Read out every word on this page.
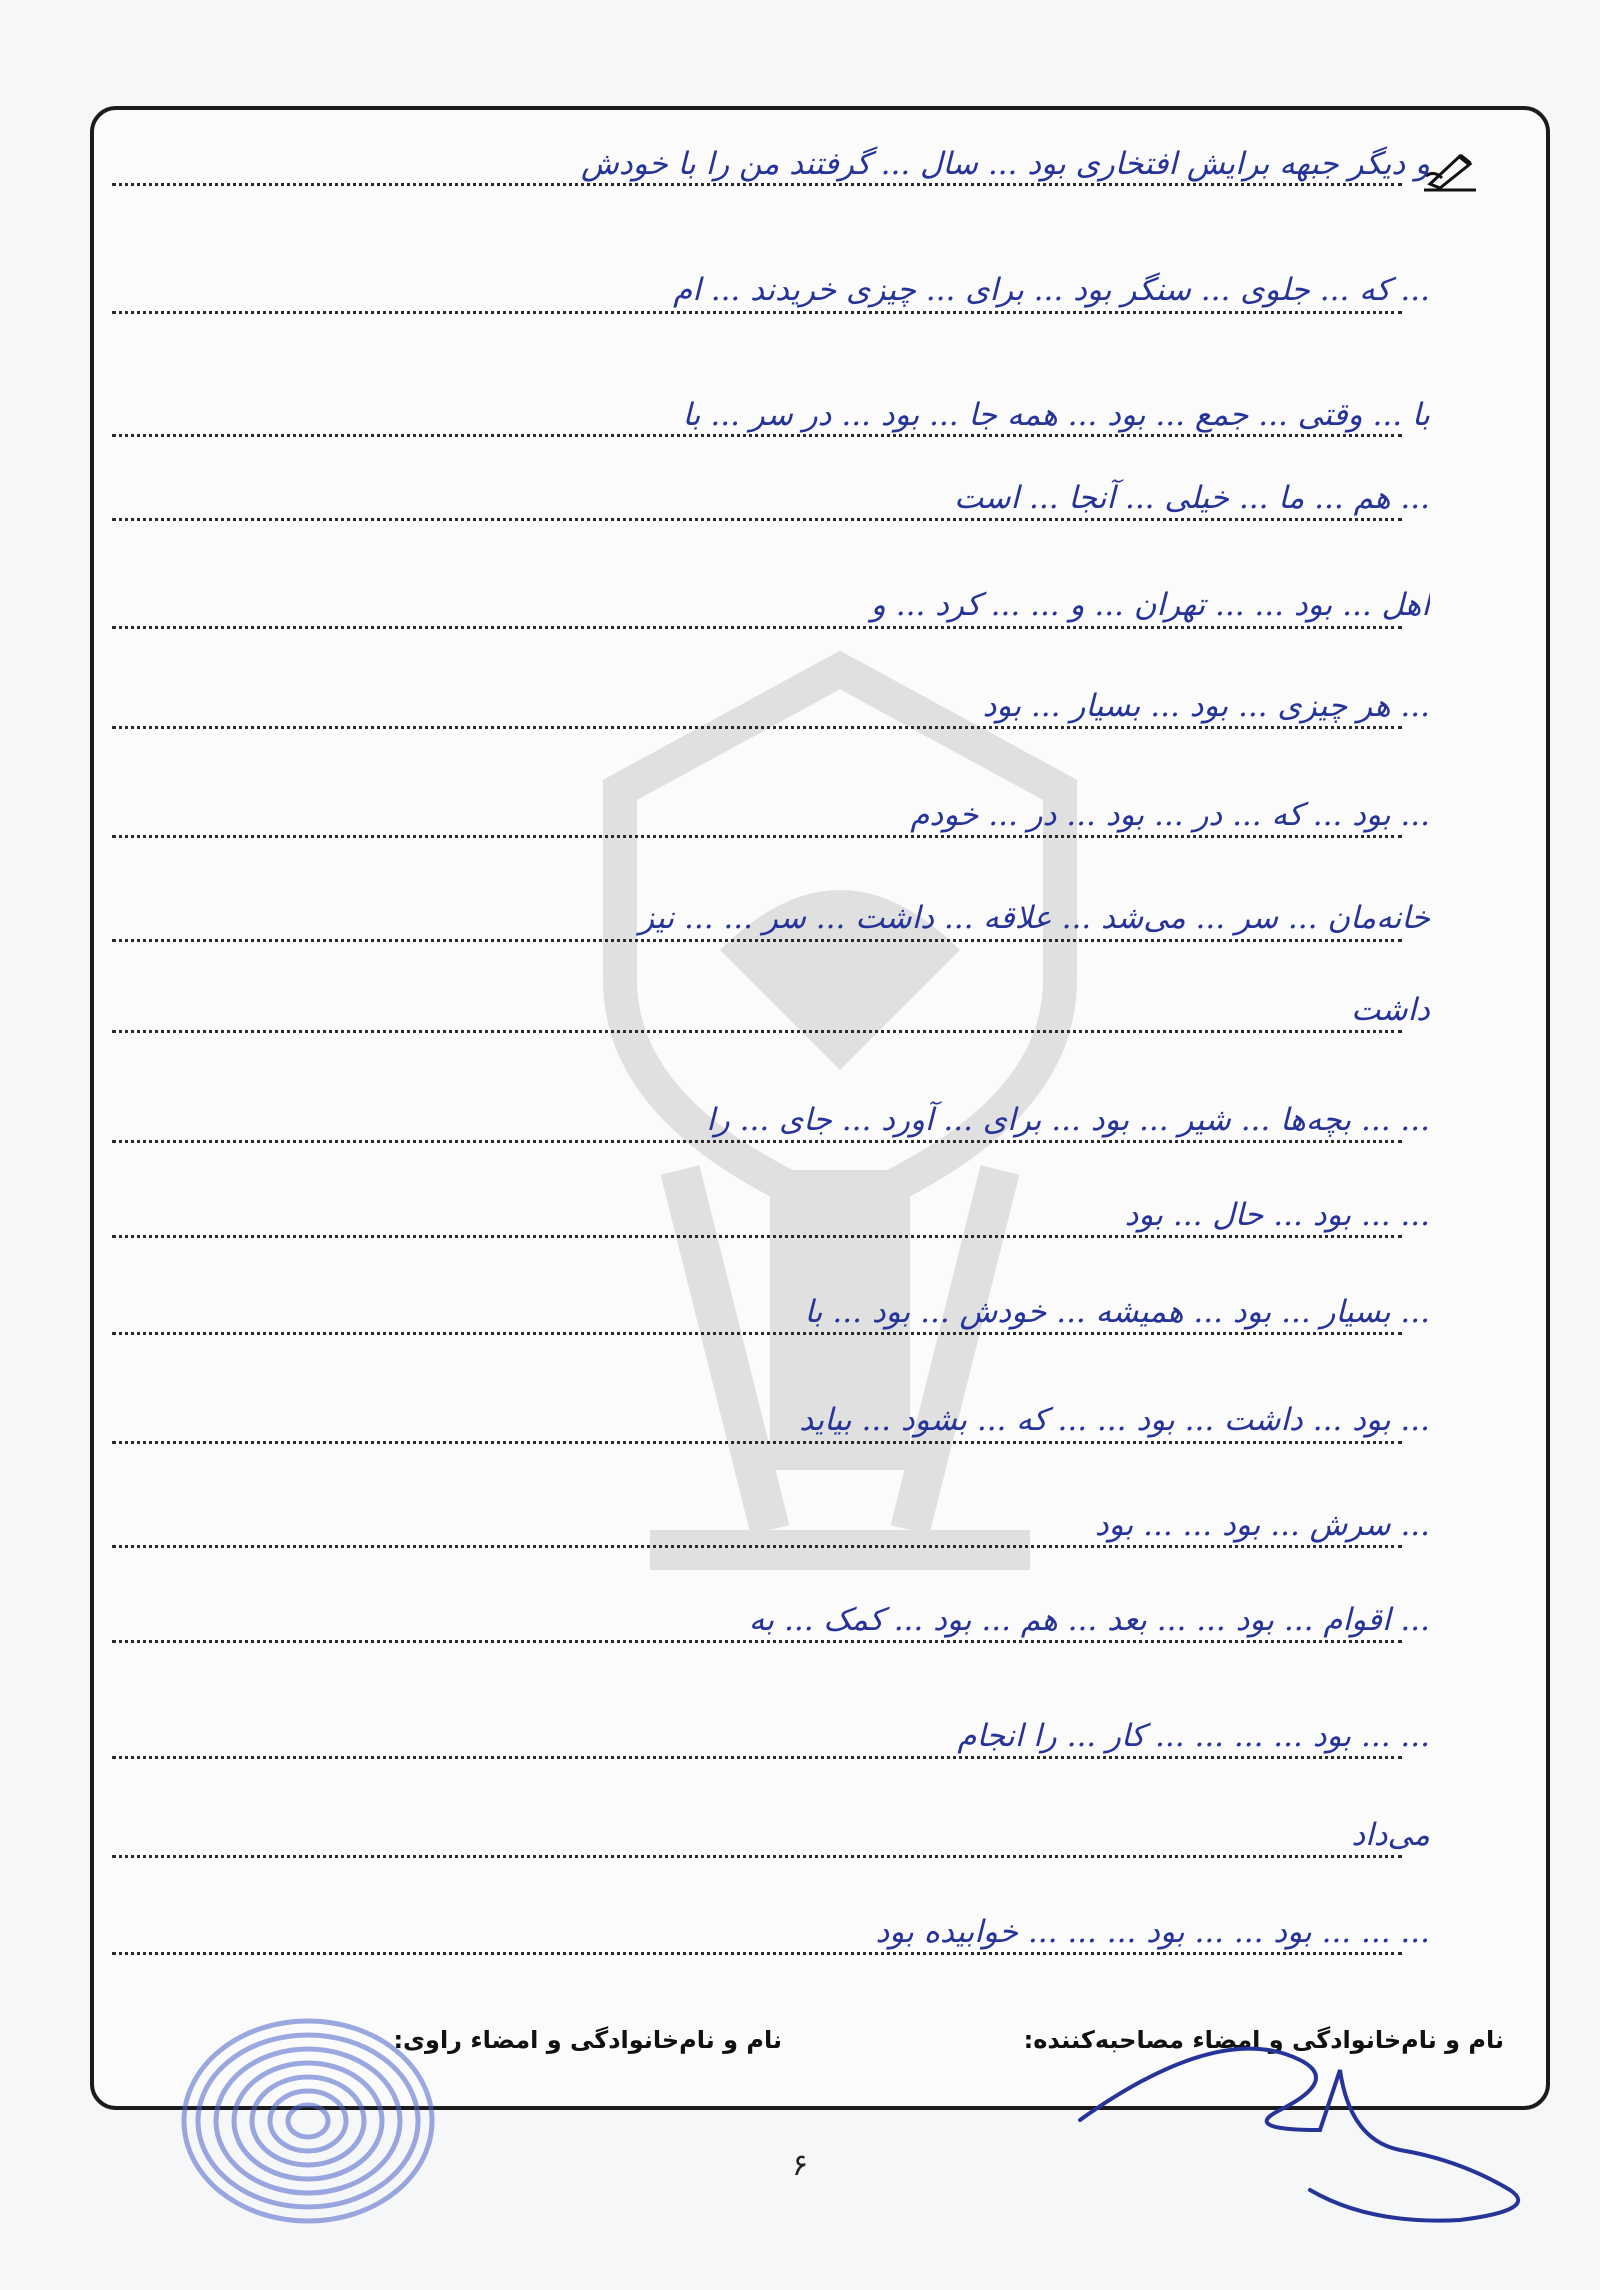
و دیگر جبهه برایش افتخاری بود ... سال ... گرفتند من را با خودش
... که ... جلوی ... سنگر بود ... برای ... چیزی خریدند ... ام
با ... وقتی ... جمع ... بود ... همه جا ... بود ... در سر ... با
... هم ... ما ... خیلی ... آنجا ... است
اهل ... بود ... ... تهران ... و ... ... کرد ... و
... هر چیزی ... بود ... بسیار ... بود
... بود ... که ... در ... بود ... در ... خودم
خانه‌مان ... سر ... می‌شد ... علاقه ... داشت ... سر ... ... نیز
داشت
... ... بچه‌ها ... شیر ... بود ... برای ... آورد ... جای ... را
... ... بود ... حال ... بود
... بسیار ... بود ... همیشه ... خودش ... بود ... با
... بود ... داشت ... بود ... ... که ... بشود ... بیاید
... سرش ... بود ... ... بود
... اقوام ... بود ... ... بعد ... هم ... بود ... کمک ... به
... ... بود ... ... ... ... کار ... را انجام
می‌داد
... ... ... بود ... ... بود ... ... ... خوابیده بود
نام و نام‌خانوادگی و امضاء مصاحبه‌کننده:
نام و نام‌خانوادگی و امضاء راوی:
۶
